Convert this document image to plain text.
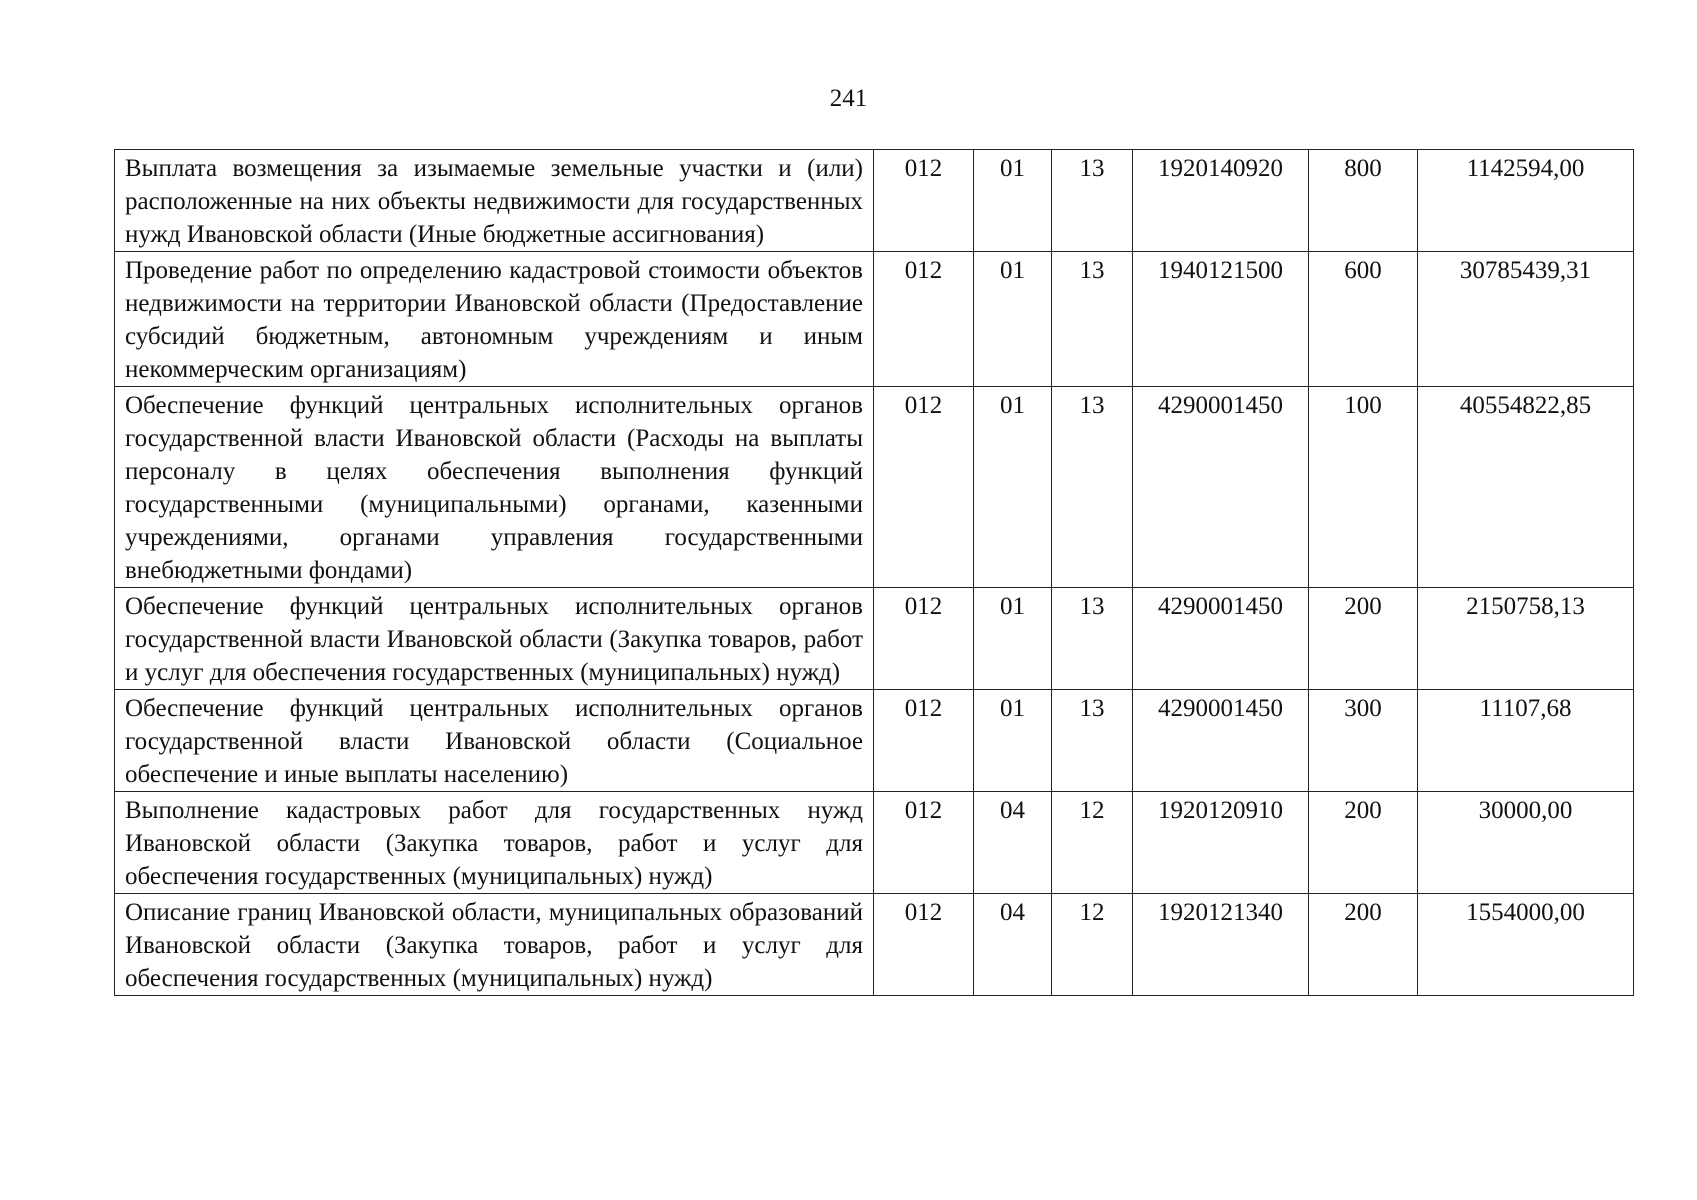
241
Выплата возмещения за изымаемые земельные участки и (или) расположенные на них объекты недвижимости для государственных нужд Ивановской области (Иные бюджетные ассигнования)	012	01	13	1920140920	800	1142594,00
Проведение работ по определению кадастровой стоимости объектов недвижимости на территории Ивановской области (Предоставление субсидий бюджетным, автономным учреждениям и иным некоммерческим организациям)	012	01	13	1940121500	600	30785439,31
Обеспечение функций центральных исполнительных органов государственной власти Ивановской области (Расходы на выплаты персоналу в целях обеспечения выполнения функций государственными (муниципальными) органами, казенными учреждениями, органами управления государственными внебюджетными фондами)	012	01	13	4290001450	100	40554822,85
Обеспечение функций центральных исполнительных органов государственной власти Ивановской области (Закупка товаров, работ и услуг для обеспечения государственных (муниципальных) нужд)	012	01	13	4290001450	200	2150758,13
Обеспечение функций центральных исполнительных органов государственной власти Ивановской области (Социальное обеспечение и иные выплаты населению)	012	01	13	4290001450	300	11107,68
Выполнение кадастровых работ для государственных нужд Ивановской области (Закупка товаров, работ и услуг для обеспечения государственных (муниципальных) нужд)	012	04	12	1920120910	200	30000,00
Описание границ Ивановской области, муниципальных образований Ивановской области (Закупка товаров, работ и услуг для обеспечения государственных (муниципальных) нужд)	012	04	12	1920121340	200	1554000,00
